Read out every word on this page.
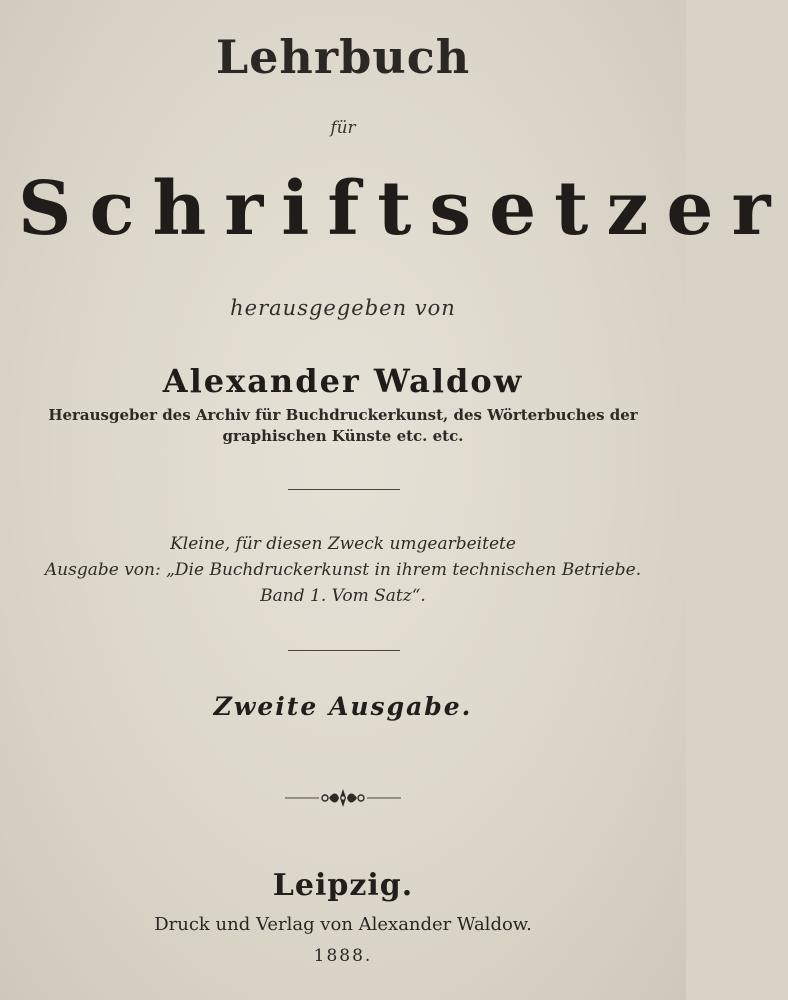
Lehrbuch
für
Schriftsetzer
herausgegeben von
Alexander Waldow
Herausgeber des Archiv für Buchdruckerkunst, des Wörterbuches der
graphischen Künste etc. etc.
Kleine, für diesen Zweck umgearbeitete
Ausgabe von: „Die Buchdruckerkunst in ihrem technischen Betriebe.
Band 1. Vom Satz“.
Zweite Ausgabe.
Leipzig.
Druck und Verlag von Alexander Waldow.
1888.
